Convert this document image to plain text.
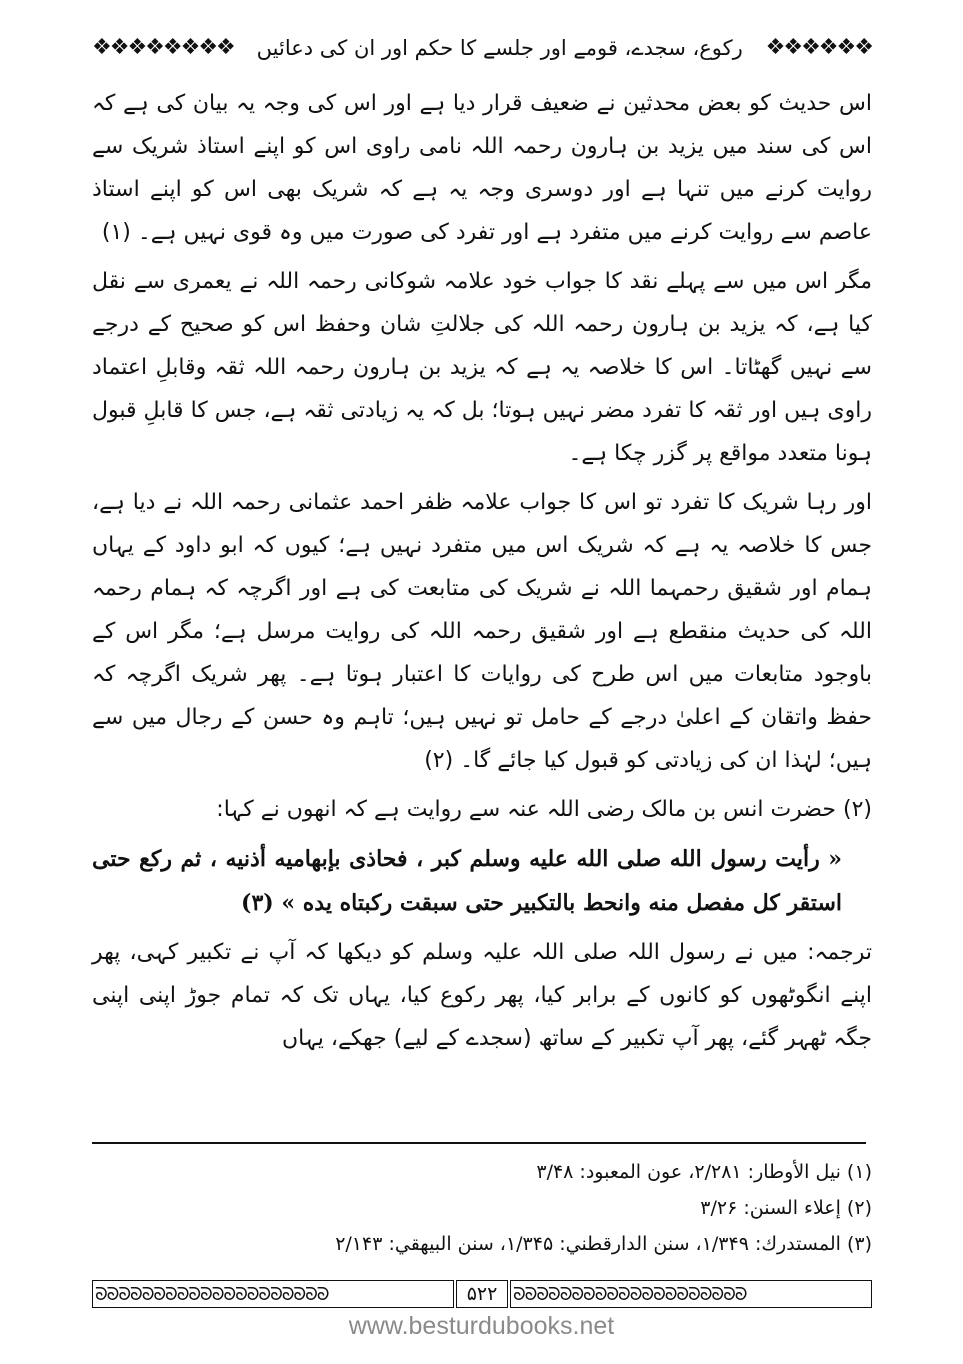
❖❖❖❖❖❖❖❖ رکوع، سجدے، قومے اور جلسے کا حکم اور ان کی دعائیں ❖❖❖❖❖❖

اس حدیث کو بعض محدثین نے ضعیف قرار دیا ہے اور اس کی وجہ یہ بیان کی ہے کہ اس کی سند میں یزید بن ہارون رحمہ اللہ نامی راوی اس کو اپنے استاذ شریک سے روایت کرنے میں تنہا ہے اور دوسری وجہ یہ ہے کہ شریک بھی اس کو اپنے استاذ عاصم سے روایت کرنے میں متفرد ہے اور تفرد کی صورت میں وہ قوی نہیں ہے۔ (۱)

مگر اس میں سے پہلے نقد کا جواب خود علامہ شوکانی رحمہ اللہ نے یعمری سے نقل کیا ہے، کہ یزید بن ہارون رحمہ اللہ کی جلالتِ شان وحفظ اس کو صحیح کے درجے سے نہیں گھٹاتا۔ اس کا خلاصہ یہ ہے کہ یزید بن ہارون رحمہ اللہ ثقہ وقابلِ اعتماد راوی ہیں اور ثقہ کا تفرد مضر نہیں ہوتا؛ بل کہ یہ زیادتی ثقہ ہے، جس کا قابلِ قبول ہونا متعدد مواقع پر گزر چکا ہے۔

اور رہا شریک کا تفرد تو اس کا جواب علامہ ظفر احمد عثمانی رحمہ اللہ نے دیا ہے، جس کا خلاصہ یہ ہے کہ شریک اس میں متفرد نہیں ہے؛ کیوں کہ ابو داود کے یہاں ہمام اور شقیق رحمہما اللہ نے شریک کی متابعت کی ہے اور اگرچہ کہ ہمام رحمہ اللہ کی حدیث منقطع ہے اور شقیق رحمہ اللہ کی روایت مرسل ہے؛ مگر اس کے باوجود متابعات میں اس طرح کی روایات کا اعتبار ہوتا ہے۔ پھر شریک اگرچہ کہ حفظ واتقان کے اعلیٰ درجے کے حامل تو نہیں ہیں؛ تاہم وہ حسن کے رجال میں سے ہیں؛ لہٰذا ان کی زیادتی کو قبول کیا جائے گا۔ (۲)

(۲) حضرت انس بن مالک رضی اللہ عنہ سے روایت ہے کہ انھوں نے کہا:

« رأيت رسول الله صلى الله عليه وسلم كبر ، فحاذى بإبهاميه أذنيه ، ثم ركع حتى استقر كل مفصل منه وانحط بالتكبير حتى سبقت ركبتاه يده » (۳)

ترجمہ: میں نے رسول اللہ صلی اللہ علیہ وسلم کو دیکھا کہ آپ نے تکبیر کہی، پھر اپنے انگوٹھوں کو کانوں کے برابر کیا، پھر رکوع کیا، یہاں تک کہ تمام جوڑ اپنی اپنی جگہ ٹھہر گئے، پھر آپ تکبیر کے ساتھ (سجدے کے لیے) جھکے، یہاں

(۱) نيل الأوطار: ۲/۲۸۱، عون المعبود: ۳/۴۸

(۲) إعلاء السنن: ۳/۲۶

(۳) المستدرك: ۱/۳۴۹، سنن الدارقطني: ۱/۳۴۵، سنن البيهقي: ۲/۱۴۳

ᘐᘐᘐᘐᘐᘐᘐᘐᘐᘐᘐᘐᘐᘐᘐᘐᘐᘐᘐᘐ	۵۲۲ ᘐᘐᘐᘐᘐᘐᘐᘐᘐᘐᘐᘐᘐᘐᘐᘐᘐᘐᘐᘐ
www.besturdubooks.net
